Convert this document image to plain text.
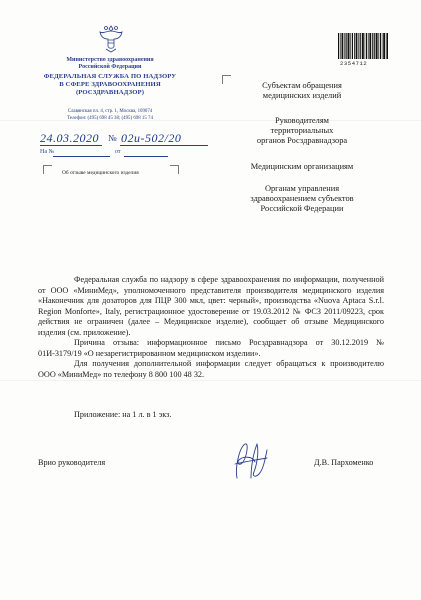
Министерство здравоохранения
Российской Федерации
ФЕДЕРАЛЬНАЯ СЛУЖБА ПО НАДЗОРУ
В СФЕРЕ ЗДРАВООХРАНЕНИЯ
(РОСЗДРАВНАДЗОР)
Славянская пл. 4, стр. 1, Москва, 109074
Телефон: (495) 698 45 38; (495) 698 15 74
24.03.2020 № 02и-502/20
На №	от
Об отзыве медицинского изделия
2354712
Субъектам обращения
медицинских изделий
Руководителям
территориальных
органов Росздравнадзора
Медицинским организациям
Органам управления
здравоохранением субъектов
Российской Федерации

Федеральная служба по надзору в сфере здравоохранения по информации, полученной от ООО «МиниМед», уполномоченного представителя производителя медицинского изделия «Наконечник для дозаторов для ПЦР 300 мкл, цвет: черный», производства «Nuova Aptaca S.r.l. Region Monforte», Italy, регистрационное удостоверение от 19.03.2012 № ФСЗ 2011/09223, срок действия не ограничен (далее – Медицинское изделие), сообщает об отзыве Медицинского изделия (см. приложение).

Причина отзыва: информационное письмо Росздравнадзора от 30.12.2019 № 01И-3179/19 «О незарегистрированном медицинском изделии».

Для получения дополнительной информации следует обращаться к производителю ООО «МиниМед» по телефону 8 800 100 48 32.

Приложение: на 1 л. в 1 экз.

Врио руководителя	Д.В. Пархоменко
